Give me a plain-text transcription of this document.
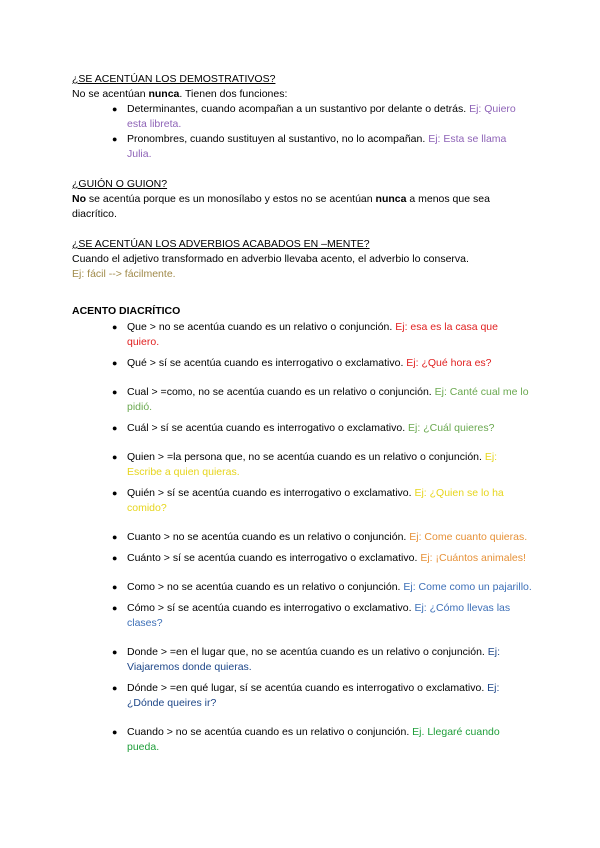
¿SE ACENTÚAN LOS DEMOSTRATIVOS?
No se acentúan nunca. Tienen dos funciones:
● Determinantes, cuando acompañan a un sustantivo por delante o detrás. Ej: Quiero esta libreta.
● Pronombres, cuando sustituyen al sustantivo, no lo acompañan. Ej: Esta se llama Julia.
¿GUIÓN O GUION?
No se acentúa porque es un monosílabo y estos no se acentúan nunca a menos que sea diacrítico.
¿SE ACENTÚAN LOS ADVERBIOS ACABADOS EN –MENTE?
Cuando el adjetivo transformado en adverbio llevaba acento, el adverbio lo conserva.
Ej: fácil --> fácilmente.
ACENTO DIACRÍTICO
● Que > no se acentúa cuando es un relativo o conjunción. Ej: esa es la casa que quiero.
● Qué > sí se acentúa cuando es interrogativo o exclamativo. Ej: ¿Qué hora es?
● Cual > =como, no se acentúa cuando es un relativo o conjunción. Ej: Canté cual me lo pidió.
● Cuál > sí se acentúa cuando es interrogativo o exclamativo. Ej: ¿Cuál quieres?
● Quien > =la persona que, no se acentúa cuando es un relativo o conjunción. Ej: Escribe a quien quieras.
● Quién > sí se acentúa cuando es interrogativo o exclamativo. Ej: ¿Quien se lo ha comido?
● Cuanto > no se acentúa cuando es un relativo o conjunción. Ej: Come cuanto quieras.
● Cuánto > sí se acentúa cuando es interrogativo o exclamativo. Ej: ¡Cuántos animales!
● Como > no se acentúa cuando es un relativo o conjunción. Ej: Come como un pajarillo.
● Cómo > sí se acentúa cuando es interrogativo o exclamativo. Ej: ¿Cómo llevas las clases?
● Donde > =en el lugar que, no se acentúa cuando es un relativo o conjunción. Ej: Viajaremos donde quieras.
● Dónde > =en qué lugar, sí se acentúa cuando es interrogativo o exclamativo. Ej: ¿Dónde queires ir?
● Cuando > no se acentúa cuando es un relativo o conjunción. Ej. Llegaré cuando pueda.
